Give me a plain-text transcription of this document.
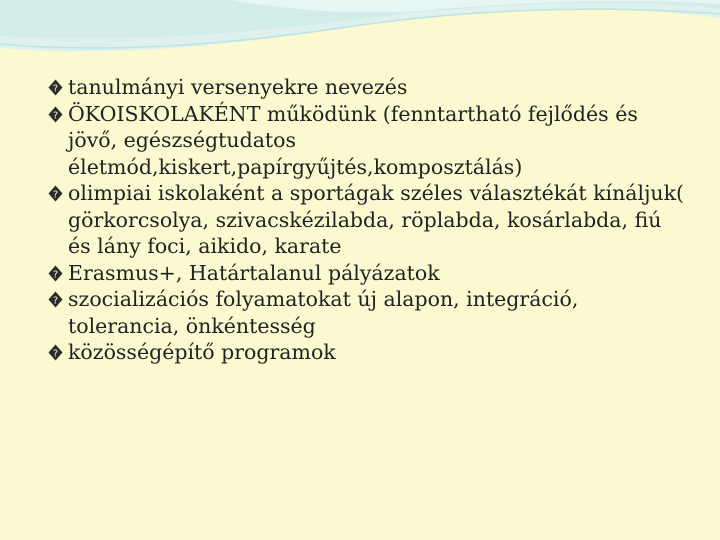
? tanulmányi versenyekre nevezés
? ÖKOISKOLAKÉNT működünk (fenntartható fejlődés és jövő, egészségtudatos életmód,kiskert,papírgyűjtés,komposztálás)
? olimpiai iskolaként a sportágak széles választékát kínáljuk( görkorcsolya, szivacskézilabda, röplabda, kosárlabda, fiú és lány foci, aikido, karate
? Erasmus+, Határtalanul pályázatok
? szocializációs folyamatokat új alapon, integráció, tolerancia, önkéntesség
? közösségépítő programok
